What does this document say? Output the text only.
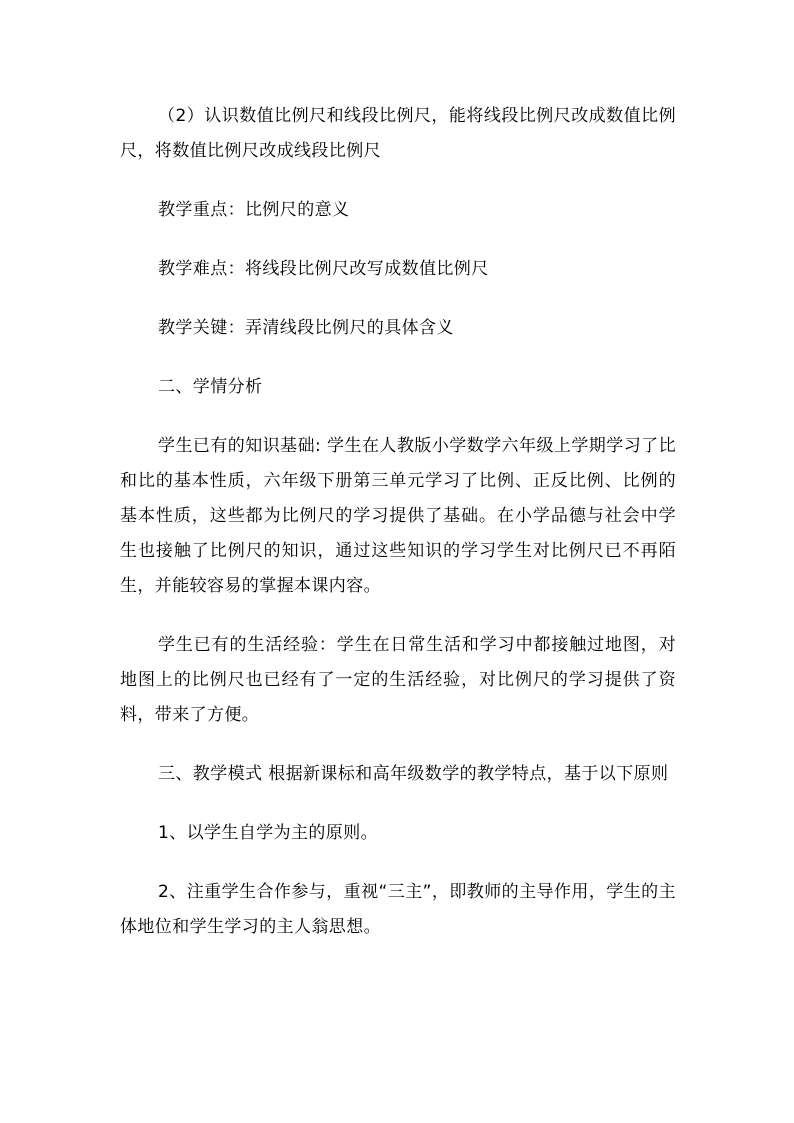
（2）认识数值比例尺和线段比例尺，能将线段比例尺改成数值比例尺，将数值比例尺改成线段比例尺

教学重点：比例尺的意义

教学难点：将线段比例尺改写成数值比例尺

教学关键：弄清线段比例尺的具体含义

二、学情分析

学生已有的知识基础: 学生在人教版小学数学六年级上学期学习了比和比的基本性质，六年级下册第三单元学习了比例、正反比例、比例的基本性质，这些都为比例尺的学习提供了基础。在小学品德与社会中学生也接触了比例尺的知识，通过这些知识的学习学生对比例尺已不再陌生，并能较容易的掌握本课内容。

学生已有的生活经验：学生在日常生活和学习中都接触过地图，对地图上的比例尺也已经有了一定的生活经验，对比例尺的学习提供了资料，带来了方便。

三、教学模式 根据新课标和高年级数学的教学特点，基于以下原则

1、以学生自学为主的原则。

2、注重学生合作参与，重视“三主”，即教师的主导作用，学生的主体地位和学生学习的主人翁思想。
